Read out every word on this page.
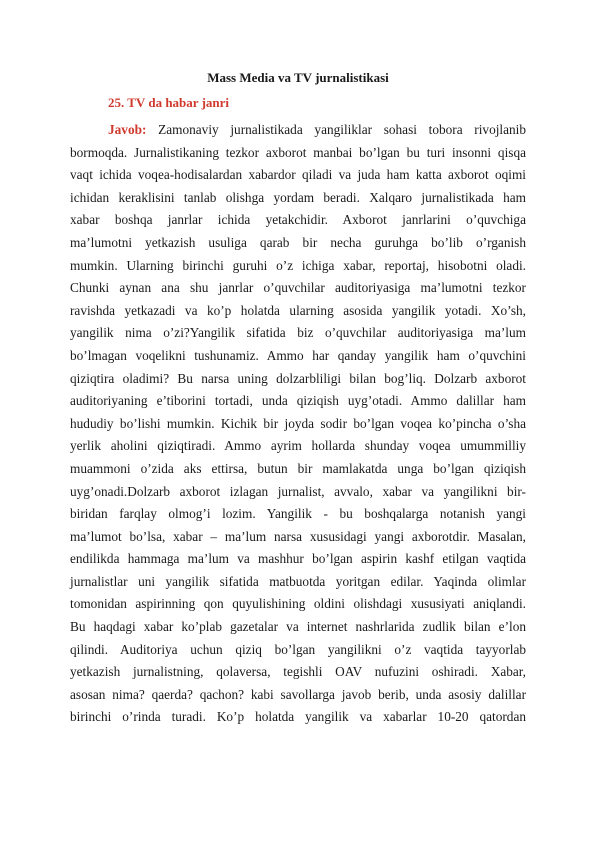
Mass Media va TV jurnalistikasi
25. TV da habar janri
Javob: Zamonaviy jurnalistikada yangiliklar sohasi tobora rivojlanib
bormoqda. Jurnalistikaning tezkor axborot manbai bo’lgan bu turi insonni qisqa
vaqt ichida voqea-hodisalardan xabardor qiladi va juda ham katta axborot oqimi
ichidan keraklisini tanlab olishga yordam beradi. Xalqaro jurnalistikada ham
xabar boshqa janrlar ichida yetakchidir. Axborot janrlarini o’quvchiga
ma’lumotni yetkazish usuliga qarab bir necha guruhga bo’lib o’rganish
mumkin. Ularning birinchi guruhi o’z ichiga xabar, reportaj, hisobotni oladi.
Chunki aynan ana shu janrlar o’quvchilar auditoriyasiga ma’lumotni tezkor
ravishda yetkazadi va ko’p holatda ularning asosida yangilik yotadi. Xo’sh,
yangilik nima o’zi?Yangilik sifatida biz o’quvchilar auditoriyasiga ma’lum
bo’lmagan voqelikni tushunamiz. Ammo har qanday yangilik ham o’quvchini
qiziqtira oladimi? Bu narsa uning dolzarbliligi bilan bog’liq. Dolzarb axborot
auditoriyaning e’tiborini tortadi, unda qiziqish uyg’otadi. Ammo dalillar ham
hududiy bo’lishi mumkin. Kichik bir joyda sodir bo’lgan voqea ko’pincha o’sha
yerlik aholini qiziqtiradi. Ammo ayrim hollarda shunday voqea umummilliy
muammoni o’zida aks ettirsa, butun bir mamlakatda unga bo’lgan qiziqish
uyg’onadi.Dolzarb axborot izlagan jurnalist, avvalo, xabar va yangilikni bir-
biridan farqlay olmog’i lozim. Yangilik - bu boshqalarga notanish yangi
ma’lumot bo’lsa, xabar – ma’lum narsa xususidagi yangi axborotdir. Masalan,
endilikda hammaga ma’lum va mashhur bo’lgan aspirin kashf etilgan vaqtida
jurnalistlar uni yangilik sifatida matbuotda yoritgan edilar. Yaqinda olimlar
tomonidan aspirinning qon quyulishining oldini olishdagi xususiyati aniqlandi.
Bu haqdagi xabar ko’plab gazetalar va internet nashrlarida zudlik bilan e’lon
qilindi. Auditoriya uchun qiziq bo’lgan yangilikni o’z vaqtida tayyorlab
yetkazish jurnalistning, qolaversa, tegishli OAV nufuzini oshiradi. Xabar,
asosan nima? qaerda? qachon? kabi savollarga javob berib, unda asosiy dalillar
birinchi o’rinda turadi. Ko’p holatda yangilik va xabarlar 10-20 qatordan
